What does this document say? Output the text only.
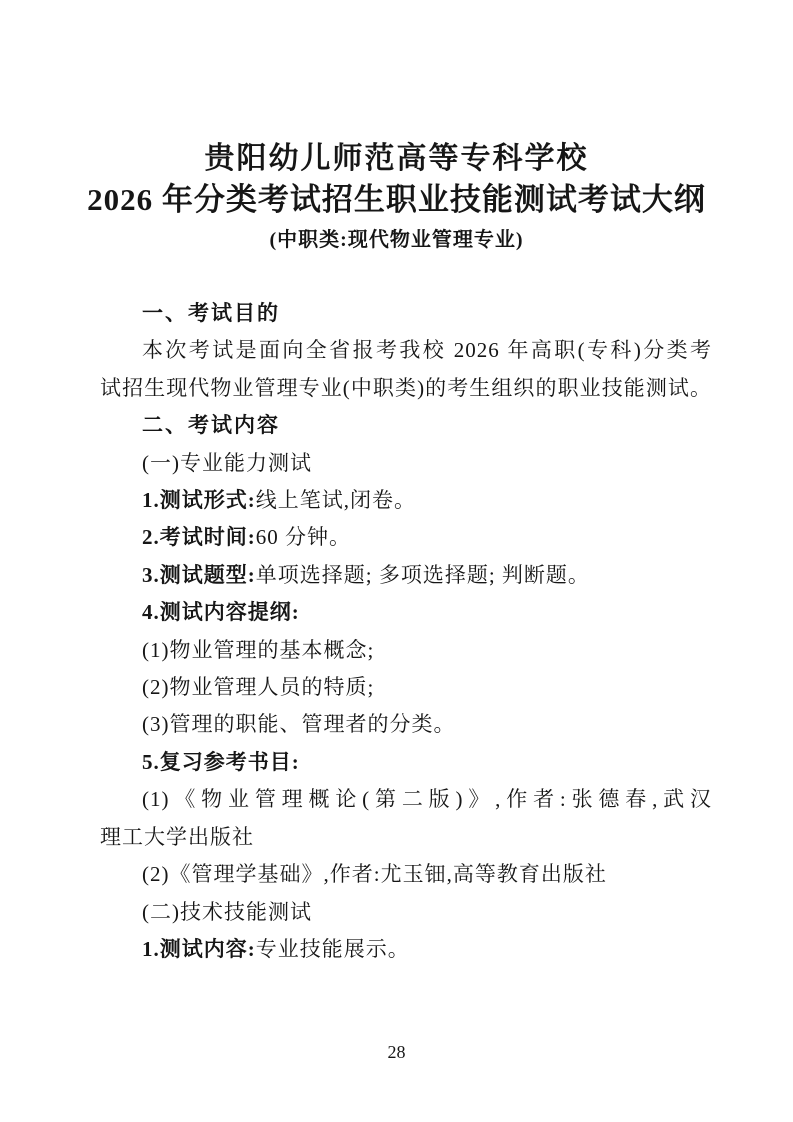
贵阳幼儿师范高等专科学校
2026 年分类考试招生职业技能测试考试大纲
(中职类:现代物业管理专业)
一、考试目的
本次考试是面向全省报考我校 2026 年高职(专科)分类考
试招生现代物业管理专业(中职类)的考生组织的职业技能测试。
二、考试内容
(一)专业能力测试
1.测试形式:线上笔试,闭卷。
2.考试时间:60 分钟。
3.测试题型:单项选择题; 多项选择题; 判断题。
4.测试内容提纲:
(1)物业管理的基本概念;
(2)物业管理人员的特质;
(3)管理的职能、管理者的分类。
5.复习参考书目:
(1)《物业管理概论(第二版)》,作者:张德春,武汉
理工大学出版社
(2)《管理学基础》,作者:尤玉钿,高等教育出版社
(二)技术技能测试
1.测试内容:专业技能展示。
28
